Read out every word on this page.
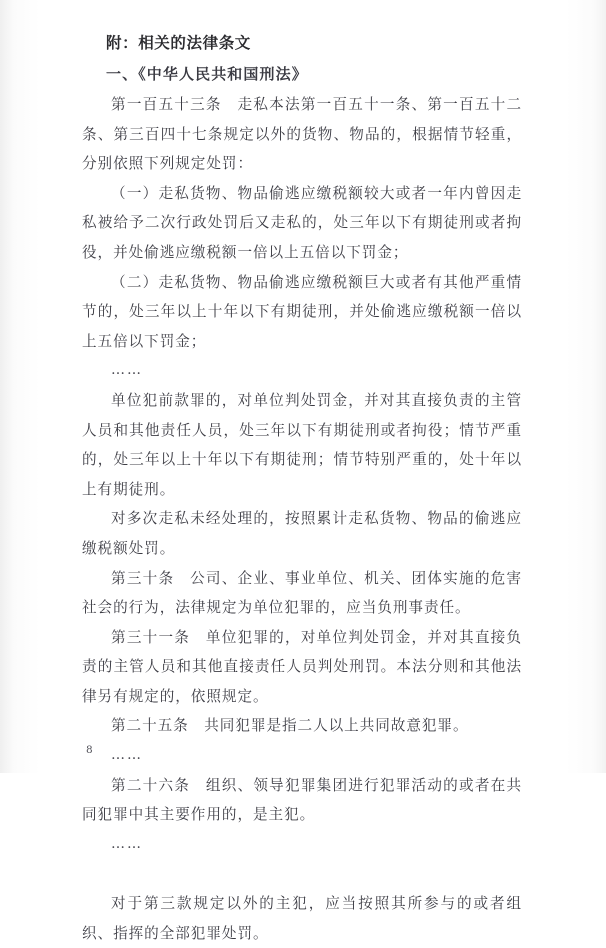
附：相关的法律条文
一、《中华人民共和国刑法》

第一百五十三条　走私本法第一百五十一条、第一百五十二条、第三百四十七条规定以外的货物、物品的，根据情节轻重，分别依照下列规定处罚：

（一）走私货物、物品偷逃应缴税额较大或者一年内曾因走私被给予二次行政处罚后又走私的，处三年以下有期徒刑或者拘役，并处偷逃应缴税额一倍以上五倍以下罚金；

（二）走私货物、物品偷逃应缴税额巨大或者有其他严重情节的，处三年以上十年以下有期徒刑，并处偷逃应缴税额一倍以上五倍以下罚金；

……

单位犯前款罪的，对单位判处罚金，并对其直接负责的主管人员和其他责任人员，处三年以下有期徒刑或者拘役；情节严重的，处三年以上十年以下有期徒刑；情节特别严重的，处十年以上有期徒刑。

对多次走私未经处理的，按照累计走私货物、物品的偷逃应缴税额处罚。

第三十条　公司、企业、事业单位、机关、团体实施的危害社会的行为，法律规定为单位犯罪的，应当负刑事责任。

第三十一条　单位犯罪的，对单位判处罚金，并对其直接负责的主管人员和其他直接责任人员判处刑罚。本法分则和其他法律另有规定的，依照规定。

第二十五条　共同犯罪是指二人以上共同故意犯罪。

……

第二十六条　组织、领导犯罪集团进行犯罪活动的或者在共同犯罪中其主要作用的，是主犯。

……

对于第三款规定以外的主犯，应当按照其所参与的或者组织、指挥的全部犯罪处罚。

8
